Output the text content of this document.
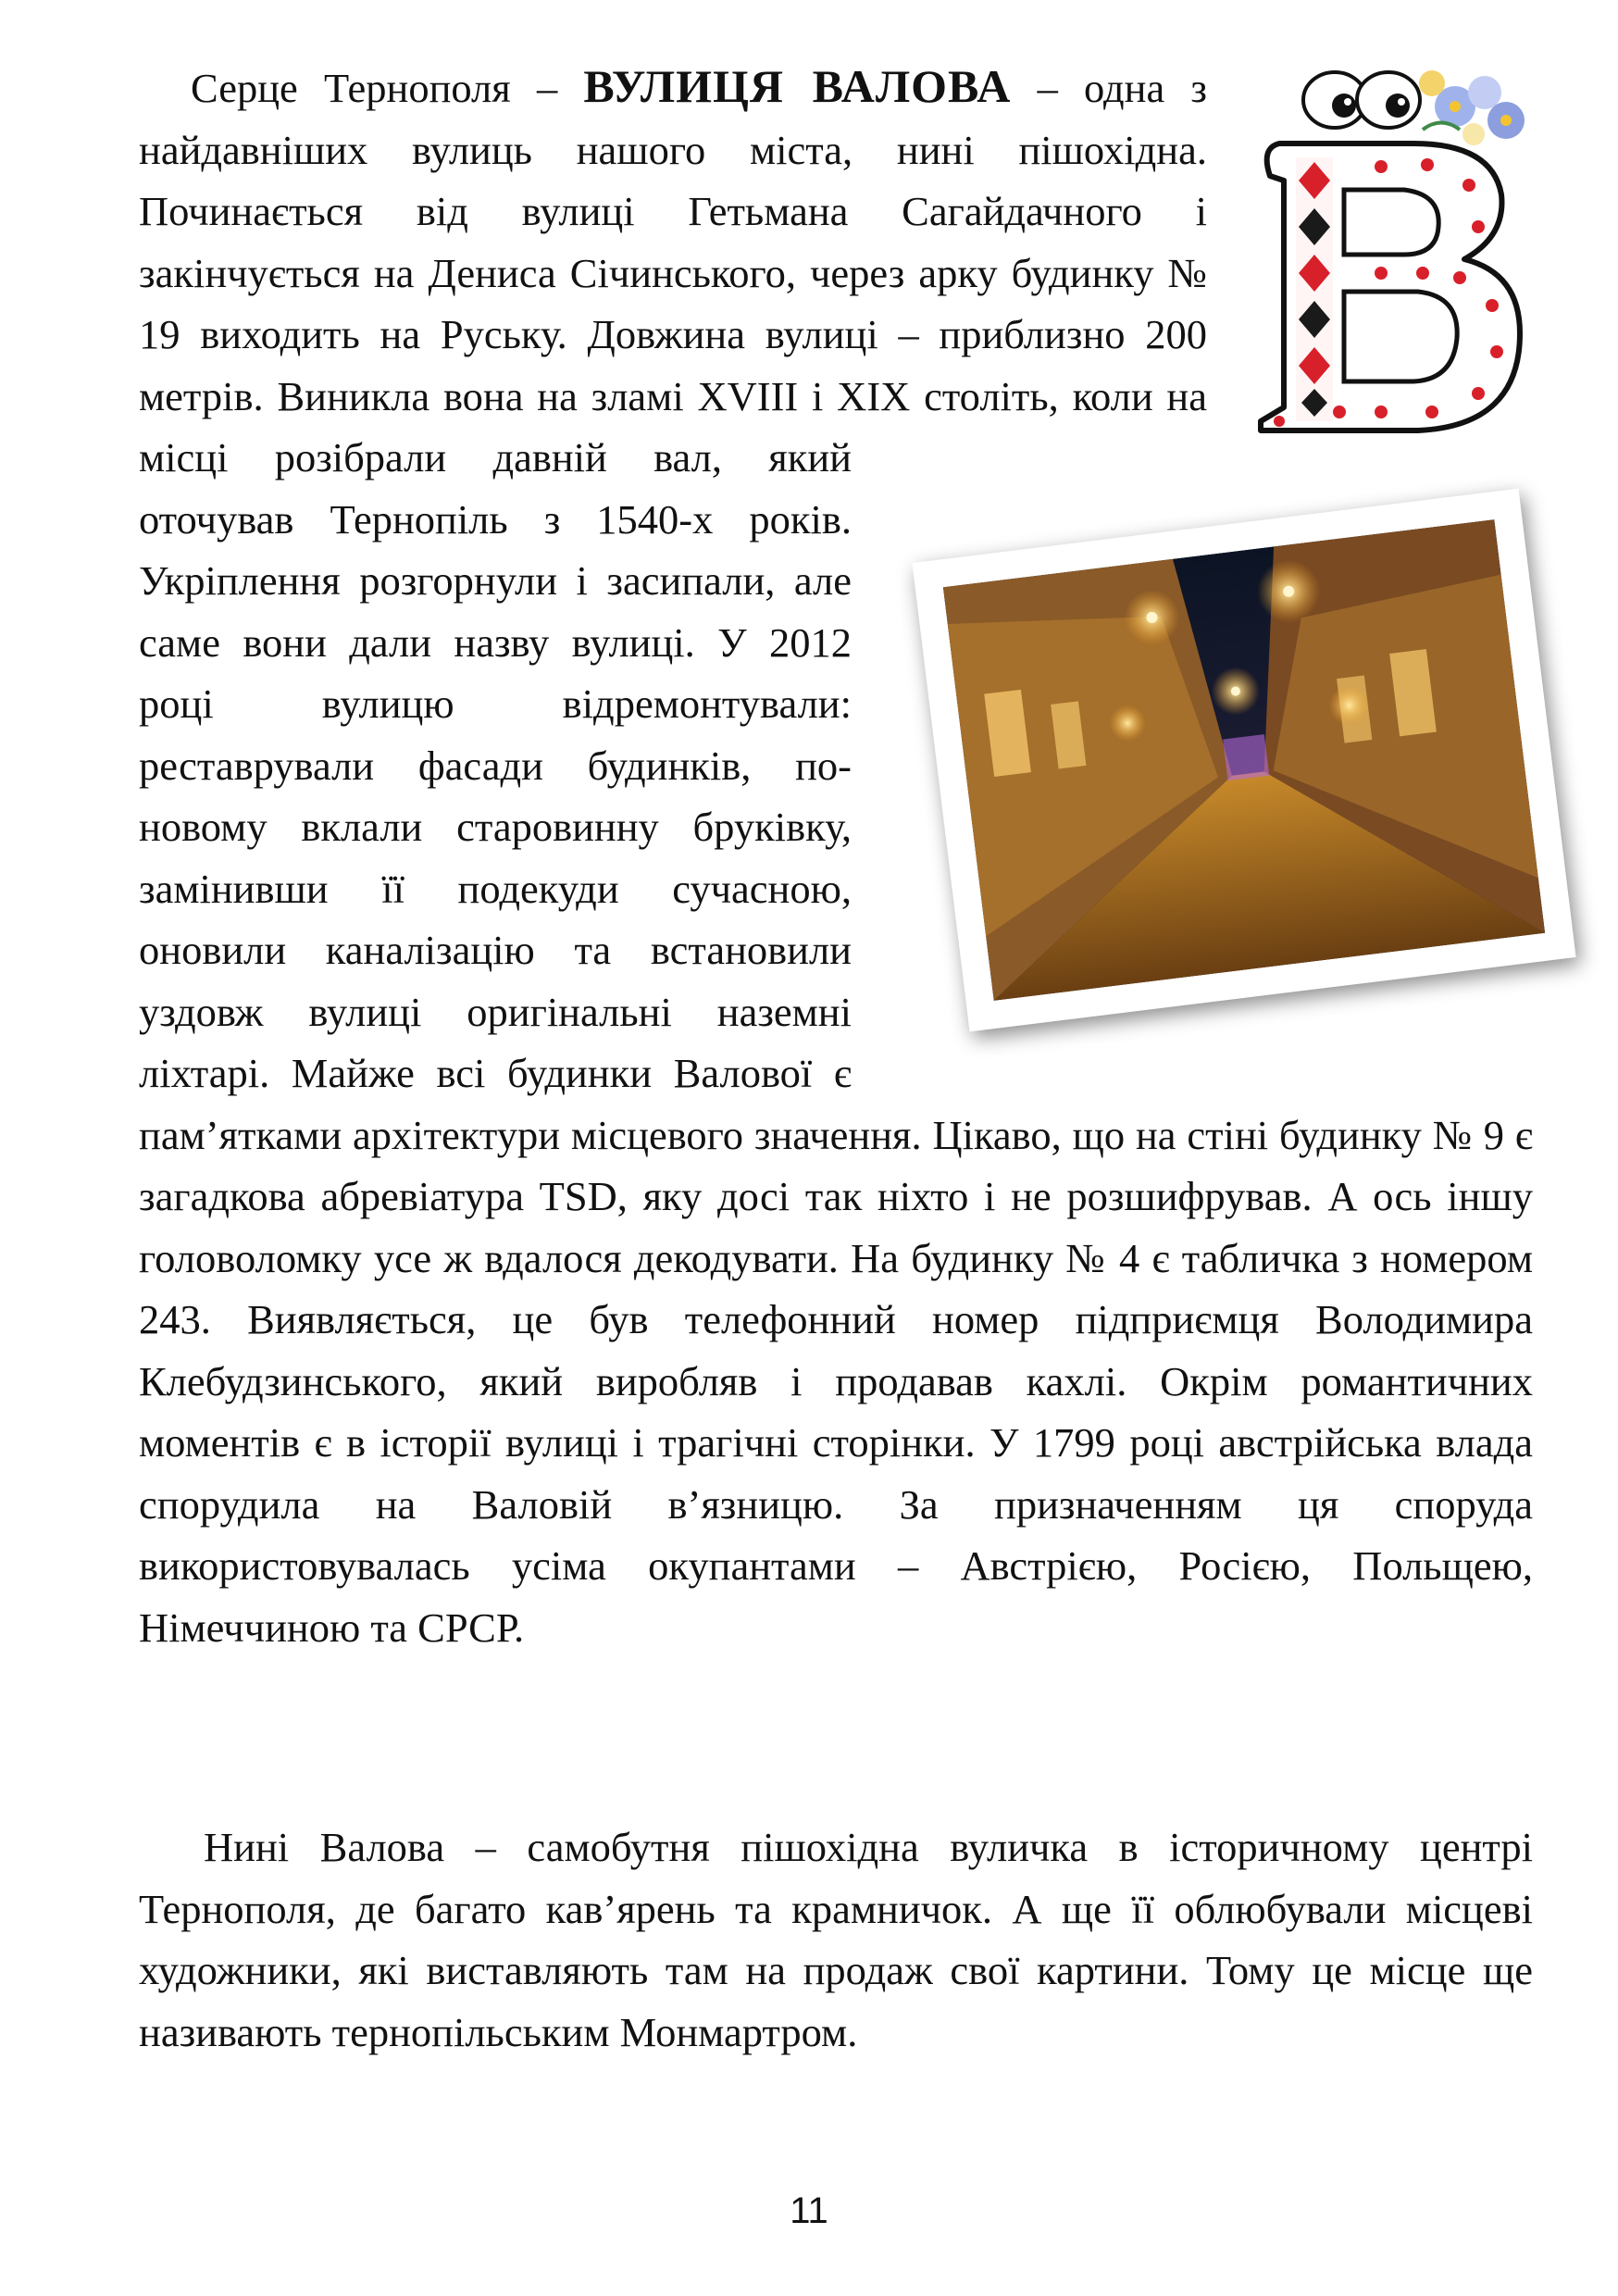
Серце Тернополя – ВУЛИЦЯ ВАЛОВА – одна з найдавніших вулиць нашого міста, нині пішохідна. Починається від вулиці Гетьмана Сагайдачного і закінчується на Дениса Січинського, через арку будинку № 19 виходить на Руську. Довжина вулиці – приблизно 200 метрів. Виникла вона на зламі XVIII і XIX століть, коли на місці розібрали давній вал, який оточував Тернопіль з 1540-х років. Укріплення розгорнули і засипали, але саме вони дали назву вулиці. У 2012 році вулицю відремонтували: реставрували фасади будинків, по-новому вклали старовинну бруківку, замінивши її подекуди сучасною, оновили каналізацію та встановили уздовж вулиці оригінальні наземні ліхтарі. Майже всі будинки Валової є пам’ятками архітектури місцевого значення. Цікаво, що на стіні будинку № 9 є загадкова абревіатура TSD, яку досі так ніхто і не розшифрував. А ось іншу головоломку усе ж вдалося декодувати. На будинку № 4 є табличка з номером 243. Виявляється, це був телефонний номер підприємця Володимира Клебудзинського, який виробляв і продавав кахлі. Окрім романтичних моментів є в історії вулиці і трагічні сторінки. У 1799 році австрійська влада спорудила на Валовій в’язницю. За призначенням ця споруда використовувалась усіма окупантами – Австрією, Росією, Польщею, Німеччиною та СРСР.

Нині Валова – самобутня пішохідна вуличка в історичному центрі Тернополя, де багато кав’ярень та крамничок. А ще її облюбували місцеві художники, які виставляють там на продаж свої картини. Тому це місце ще називають тернопільським Монмартром.

11
